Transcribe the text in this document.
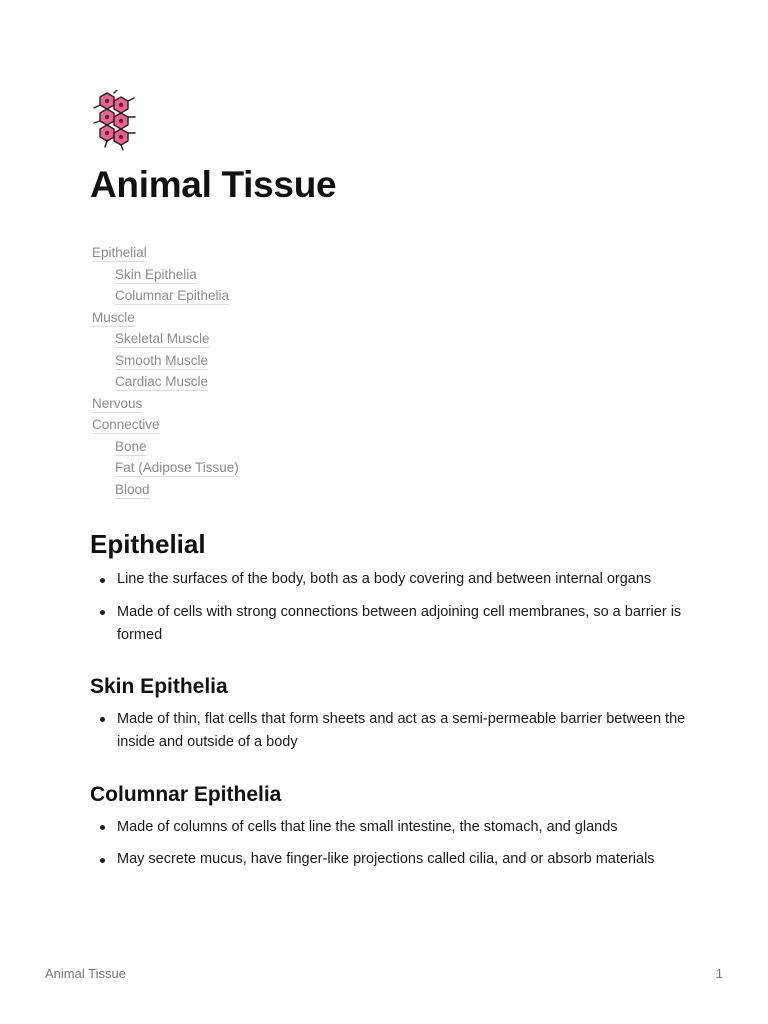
Animal Tissue
Epithelial
Skin Epithelia
Columnar Epithelia
Muscle
Skeletal Muscle
Smooth Muscle
Cardiac Muscle
Nervous
Connective
Bone
Fat (Adipose Tissue)
Blood
Epithelial
Line the surfaces of the body, both as a body covering and between internal organs
Made of cells with strong connections between adjoining cell membranes, so a barrier is formed
Skin Epithelia
Made of thin, flat cells that form sheets and act as a semi-permeable barrier between the inside and outside of a body
Columnar Epithelia
Made of columns of cells that line the small intestine, the stomach, and glands
May secrete mucus, have finger-like projections called cilia, and or absorb materials
Animal Tissue	1
